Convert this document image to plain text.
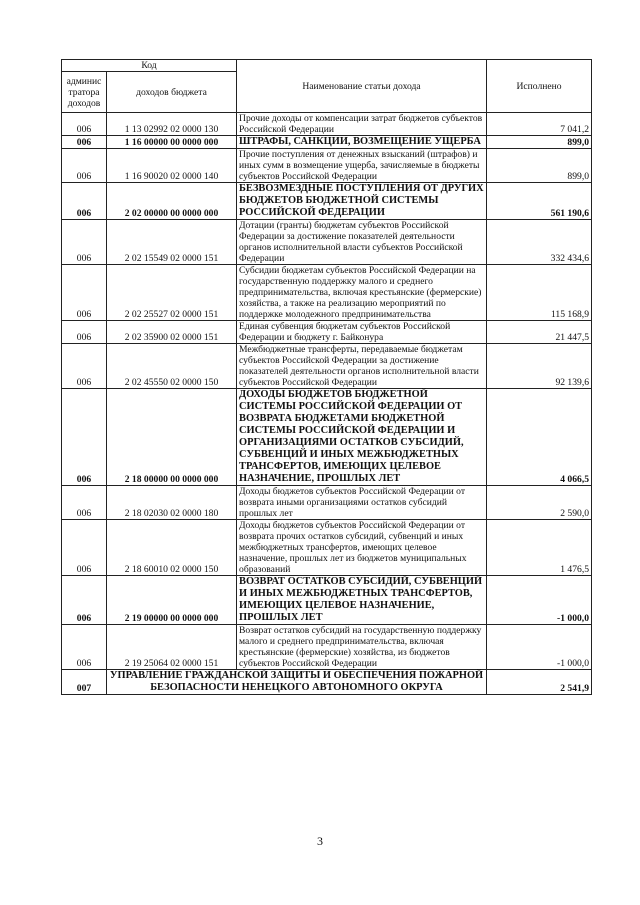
Код		Наименование статьи дохода	Исполнено
админис тратора доходов	доходов бюджета		
006	1 13 02992 02 0000 130	Прочие доходы от компенсации затрат бюджетов субъектов Российской Федерации	7 041,2
006	1 16 00000 00 0000 000	ШТРАФЫ, САНКЦИИ, ВОЗМЕЩЕНИЕ УЩЕРБА	899,0
006	1 16 90020 02 0000 140	Прочие поступления от денежных взысканий (штрафов) и иных сумм в возмещение ущерба, зачисляемые в бюджеты субъектов Российской Федерации	899,0
006	2 02 00000 00 0000 000	БЕЗВОЗМЕЗДНЫЕ ПОСТУПЛЕНИЯ ОТ ДРУГИХ БЮДЖЕТОВ БЮДЖЕТНОЙ СИСТЕМЫ РОССИЙСКОЙ ФЕДЕРАЦИИ	561 190,6
006	2 02 15549 02 0000 151	Дотации (гранты) бюджетам субъектов Российской Федерации за достижение показателей деятельности органов исполнительной власти субъектов Российской Федерации	332 434,6
006	2 02 25527 02 0000 151	Субсидии бюджетам субъектов Российской Федерации на государственную поддержку малого и среднего предпринимательства, включая крестьянские (фермерские) хозяйства, а также на реализацию мероприятий по поддержке молодежного предпринимательства	115 168,9
006	2 02 35900 02 0000 151	Единая субвенция бюджетам субъектов Российской Федерации и бюджету г. Байконура	21 447,5
006	2 02 45550 02 0000 150	Межбюджетные трансферты, передаваемые бюджетам субъектов Российской Федерации за достижение показателей деятельности органов исполнительной власти субъектов Российской Федерации	92 139,6
006	2 18 00000 00 0000 000	ДОХОДЫ БЮДЖЕТОВ БЮДЖЕТНОЙ СИСТЕМЫ РОССИЙСКОЙ ФЕДЕРАЦИИ ОТ ВОЗВРАТА БЮДЖЕТАМИ БЮДЖЕТНОЙ СИСТЕМЫ РОССИЙСКОЙ ФЕДЕРАЦИИ И ОРГАНИЗАЦИЯМИ ОСТАТКОВ СУБСИДИЙ, СУБВЕНЦИЙ И ИНЫХ МЕЖБЮДЖЕТНЫХ ТРАНСФЕРТОВ, ИМЕЮЩИХ ЦЕЛЕВОЕ НАЗНАЧЕНИЕ, ПРОШЛЫХ ЛЕТ	4 066,5
006	2 18 02030 02 0000 180	Доходы бюджетов субъектов Российской Федерации от возврата иными организациями остатков субсидий прошлых лет	2 590,0
006	2 18 60010 02 0000 150	Доходы бюджетов субъектов Российской Федерации от возврата прочих остатков субсидий, субвенций и иных межбюджетных трансфертов, имеющих целевое назначение, прошлых лет из бюджетов муниципальных образований	1 476,5
006	2 19 00000 00 0000 000	ВОЗВРАТ ОСТАТКОВ СУБСИДИЙ, СУБВЕНЦИЙ И ИНЫХ МЕЖБЮДЖЕТНЫХ ТРАНСФЕРТОВ, ИМЕЮЩИХ ЦЕЛЕВОЕ НАЗНАЧЕНИЕ, ПРОШЛЫХ ЛЕТ	-1 000,0
006	2 19 25064 02 0000 151	Возврат остатков субсидий на государственную поддержку малого и среднего предпринимательства, включая крестьянские (фермерские) хозяйства, из бюджетов субъектов Российской Федерации	-1 000,0
007	УПРАВЛЕНИЕ ГРАЖДАНСКОЙ ЗАЩИТЫ И ОБЕСПЕЧЕНИЯ ПОЖАРНОЙ БЕЗОПАСНОСТИ НЕНЕЦКОГО АВТОНОМНОГО ОКРУГА		2 541,9
3
